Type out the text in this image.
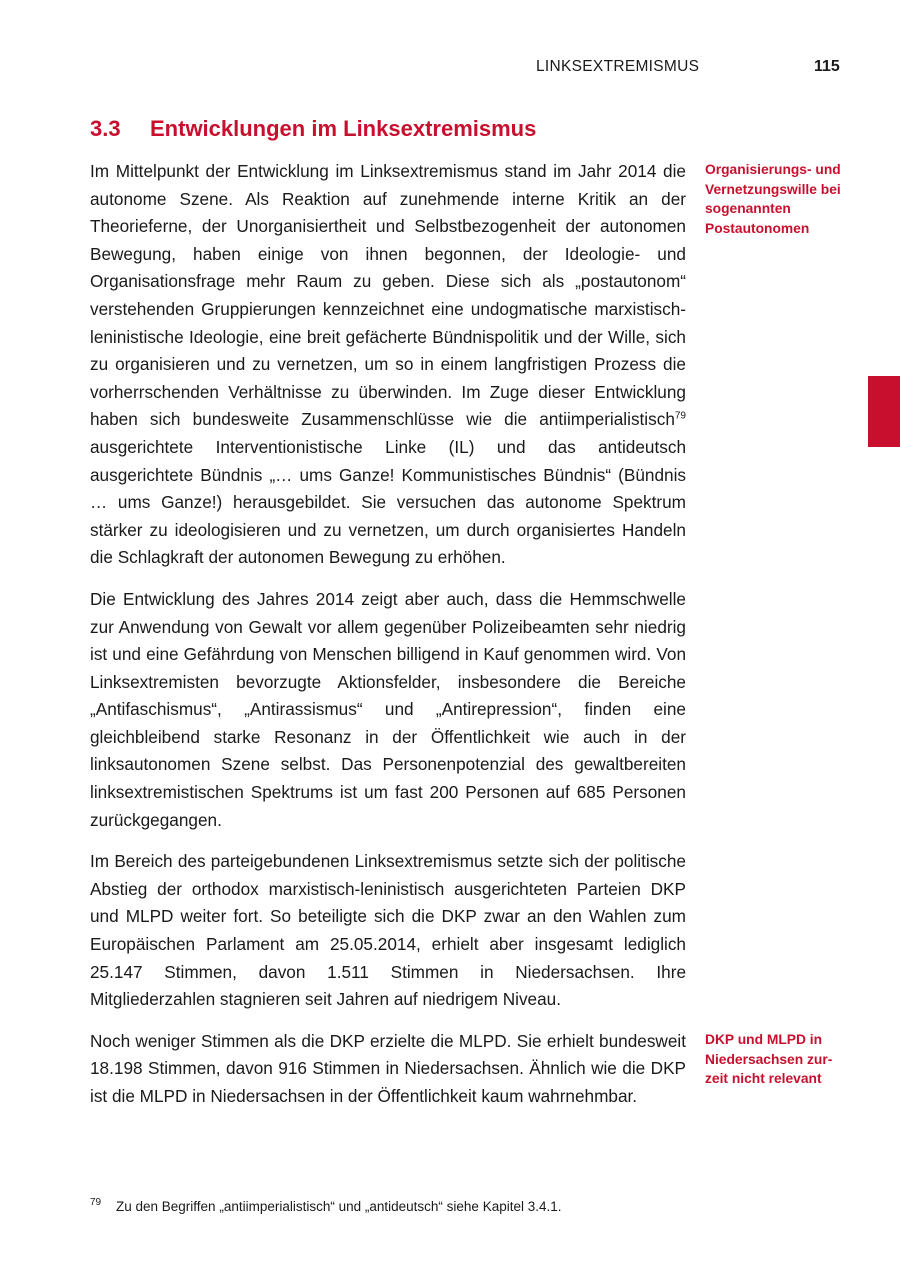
LINKSEXTREMISMUS	115
3.3 Entwicklungen im Linksextremismus

Im Mittelpunkt der Entwicklung im Linksextremismus stand im Jahr 2014 die autonome Szene. Als Reaktion auf zunehmende interne Kritik an der Theorieferne, der Unorganisiertheit und Selbstbezogenheit der autonomen Bewegung, haben einige von ihnen begonnen, der Ideologie- und Organisationsfrage mehr Raum zu geben. Diese sich als „postautonom“ verstehenden Gruppierungen kennzeichnet eine undogmatische marxistisch-leninistische Ideologie, eine breit gefächerte Bündnispolitik und der Wille, sich zu organisieren und zu vernetzen, um so in einem langfristigen Prozess die vorherrschenden Verhältnisse zu überwinden. Im Zuge dieser Entwicklung haben sich bundesweite Zusammenschlüsse wie die antiimperialistisch$^{79}$ ausgerichtete Interventionistische Linke (IL) und das antideutsch ausgerichtete Bündnis „… ums Ganze! Kommunistisches Bündnis“ (Bündnis … ums Ganze!) herausgebildet. Sie versuchen das autonome Spektrum stärker zu ideologisieren und zu vernetzen, um durch organisiertes Handeln die Schlagkraft der autonomen Bewegung zu erhöhen.

Die Entwicklung des Jahres 2014 zeigt aber auch, dass die Hemmschwelle zur Anwendung von Gewalt vor allem gegenüber Polizeibeamten sehr niedrig ist und eine Gefährdung von Menschen billigend in Kauf genommen wird. Von Linksextremisten bevorzugte Aktionsfelder, insbesondere die Bereiche „Antifaschismus“, „Antirassismus“ und „Antirepression“, finden eine gleichbleibend starke Resonanz in der Öffentlichkeit wie auch in der linksautonomen Szene selbst. Das Personenpotenzial des gewaltbereiten linksextremistischen Spektrums ist um fast 200 Personen auf 685 Personen zurückgegangen.

Im Bereich des parteigebundenen Linksextremismus setzte sich der politische Abstieg der orthodox marxistisch-leninistisch ausgerichteten Parteien DKP und MLPD weiter fort. So beteiligte sich die DKP zwar an den Wahlen zum Europäischen Parlament am 25.05.2014, erhielt aber insgesamt lediglich 25.147 Stimmen, davon 1.511 Stimmen in Niedersachsen. Ihre Mitgliederzahlen stagnieren seit Jahren auf niedrigem Niveau.

Noch weniger Stimmen als die DKP erzielte die MLPD. Sie erhielt bundesweit 18.198 Stimmen, davon 916 Stimmen in Niedersachsen. Ähnlich wie die DKP ist die MLPD in Niedersachsen in der Öffentlichkeit kaum wahrnehmbar.

Organisierungs- und Vernetzungswille bei sogenannten Postautonomen

DKP und MLPD in Niedersachsen zurzeit nicht relevant

79 Zu den Begriffen „antiimperialistisch“ und „antideutsch“ siehe Kapitel 3.4.1.
